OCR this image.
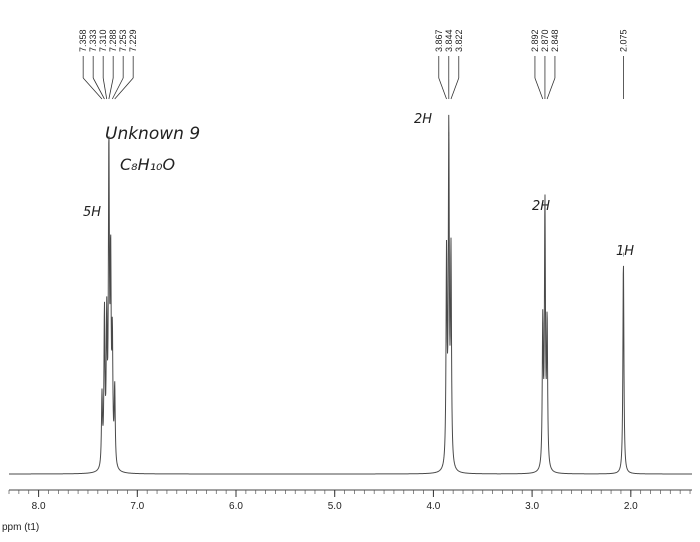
7.358 7.333 7.310 7.288 7.253 7.229	3.867 3.844 3.822	2.892 2.870 2.848	2.075
Unknown 9
C₈H₁₀O
5H
2H
2H
1H
8.0	7.0	6.0	5.0	4.0	3.0	2.0
ppm (t1)
